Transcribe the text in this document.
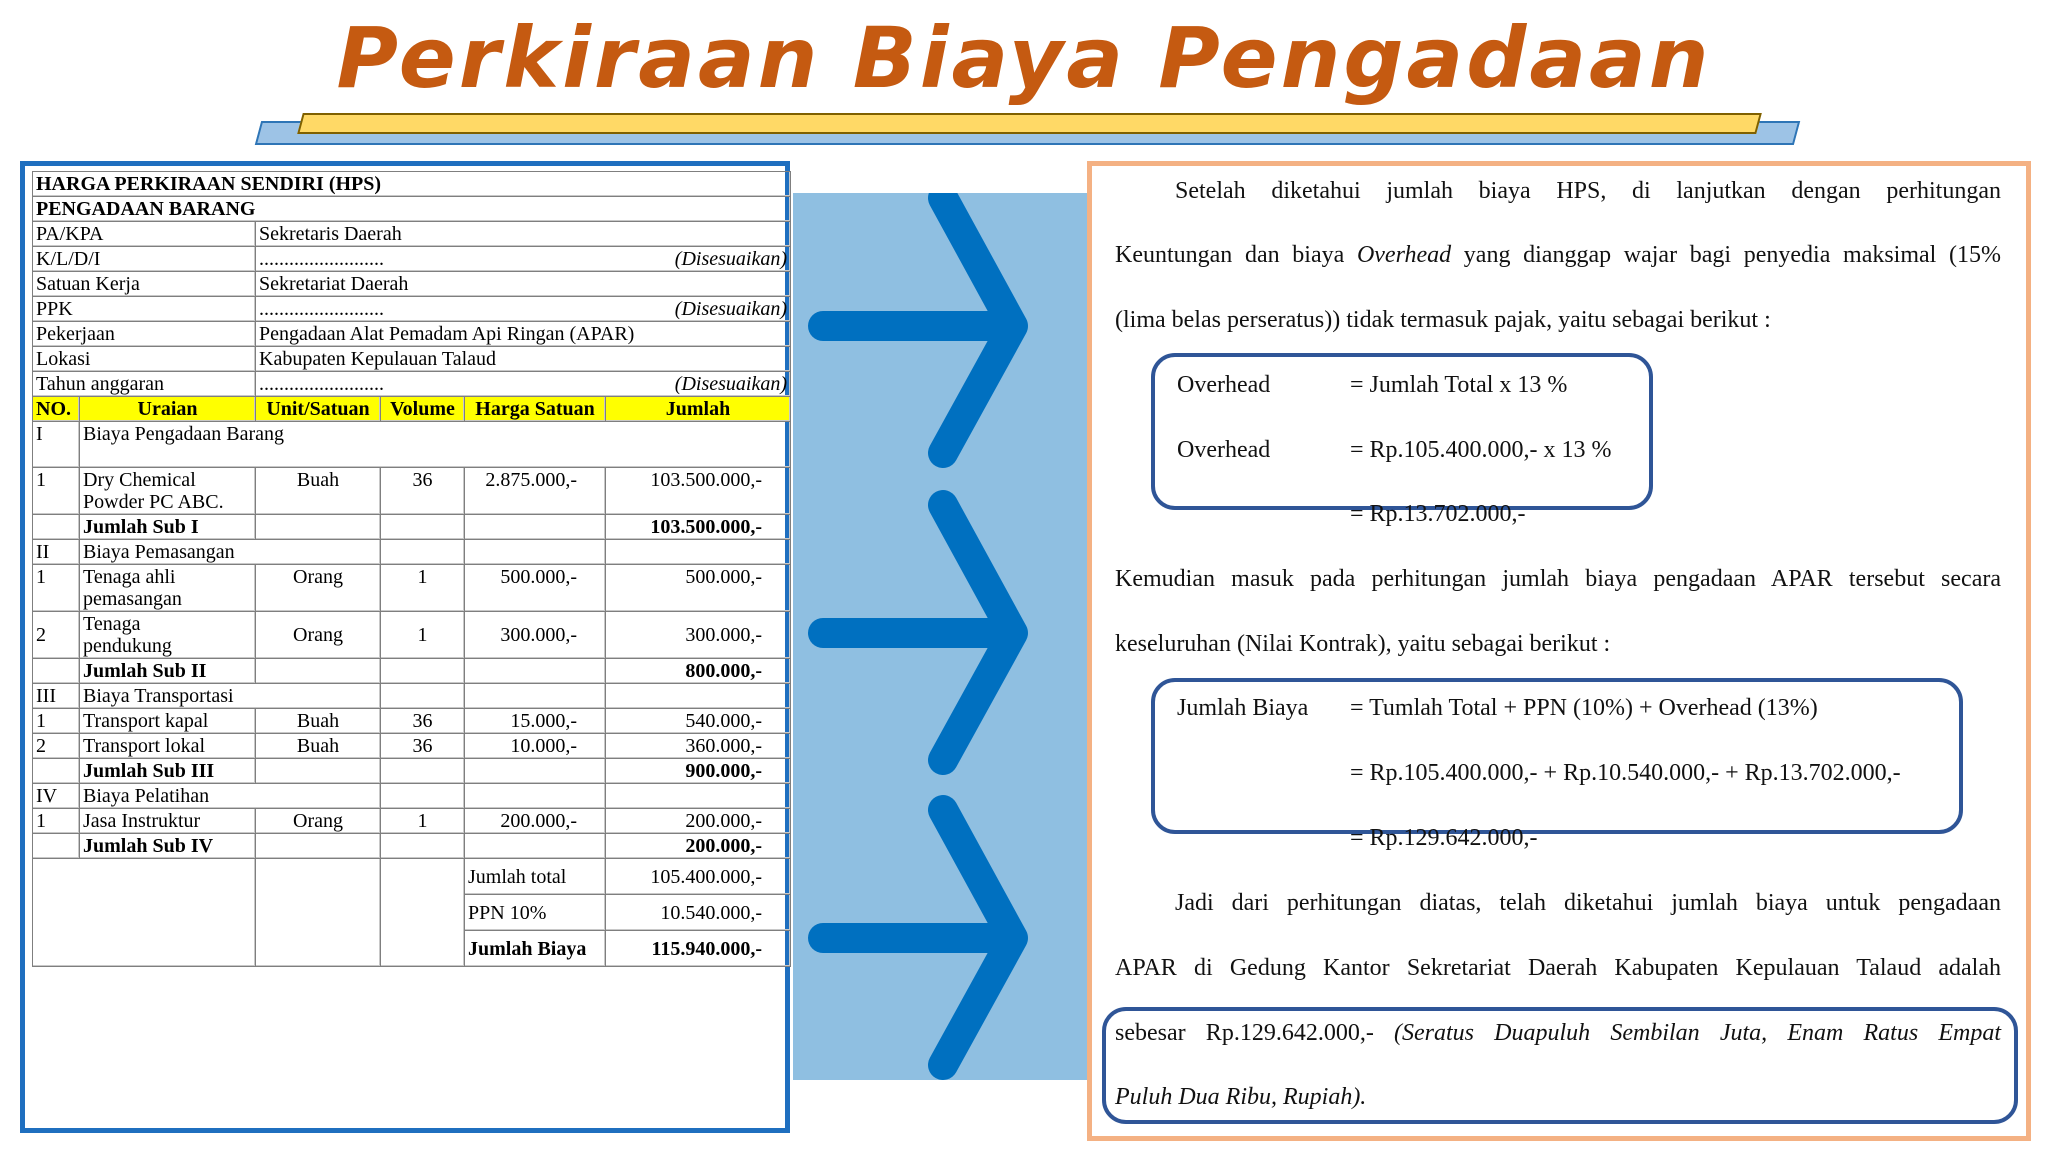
Perkiraan Biaya Pengadaan
HARGA PERKIRAAN SENDIRI (HPS)					
PENGADAAN BARANG					
PA/KPA		Sekretaris Daerah			

K/L/D/I		......................... (Disesuaikan)			

Satuan Kerja		Sekretariat Daerah			

PPK		......................... (Disesuaikan)			

Pekerjaan		Pengadaan Alat Pemadam Api Ringan (APAR)			

Lokasi		Kabupaten Kepulauan Talaud			

Tahun anggaran		......................... (Disesuaikan)			

NO.	Uraian	Unit/Satuan	Volume	Harga Satuan	Jumlah
I	Biaya Pengadaan Barang				
1	Dry Chemical Powder PC ABC.	Buah	36	2.875.000,-	103.500.000,-
	Jumlah Sub I				103.500.000,-
II	Biaya Pemasangan				
1	Tenaga ahli pemasangan	Orang	1	500.000,-	500.000,-
2	Tenaga pendukung	Orang	1	300.000,-	300.000,-
	Jumlah Sub II				800.000,-
III	Biaya Transportasi				
1	Transport kapal	Buah	36	15.000,-	540.000,-
2	Transport lokal	Buah	36	10.000,-	360.000,-
	Jumlah Sub III				900.000,-
IV	Biaya Pelatihan				
1	Jasa Instruktur	Orang	1	200.000,-	200.000,-
	Jumlah Sub IV				200.000,-
				Jumlah total	105.400.000,-
				PPN 10%	10.540.000,-
				Jumlah Biaya	115.940.000,-
Setelah diketahui jumlah biaya HPS, di lanjutkan dengan perhitungan
Keuntungan dan biaya Overhead yang dianggap wajar bagi penyedia maksimal (15%
(lima belas perseratus)) tidak termasuk pajak, yaitu sebagai berikut :
Overhead	= Jumlah Total x 13 %
Overhead	= Rp.105.400.000,- x 13 %
= Rp.13.702.000,-
Kemudian masuk pada perhitungan jumlah biaya pengadaan APAR tersebut secara
keseluruhan (Nilai Kontrak), yaitu sebagai berikut :
Jumlah Biaya = Tumlah Total + PPN (10%) + Overhead (13%)
= Rp.105.400.000,- + Rp.10.540.000,- + Rp.13.702.000,-
= Rp.129.642.000,-
Jadi dari perhitungan diatas, telah diketahui jumlah biaya untuk pengadaan
APAR di Gedung Kantor Sekretariat Daerah Kabupaten Kepulauan Talaud adalah
sebesar Rp.129.642.000,- (Seratus Duapuluh Sembilan Juta, Enam Ratus Empat
Puluh Dua Ribu, Rupiah).
